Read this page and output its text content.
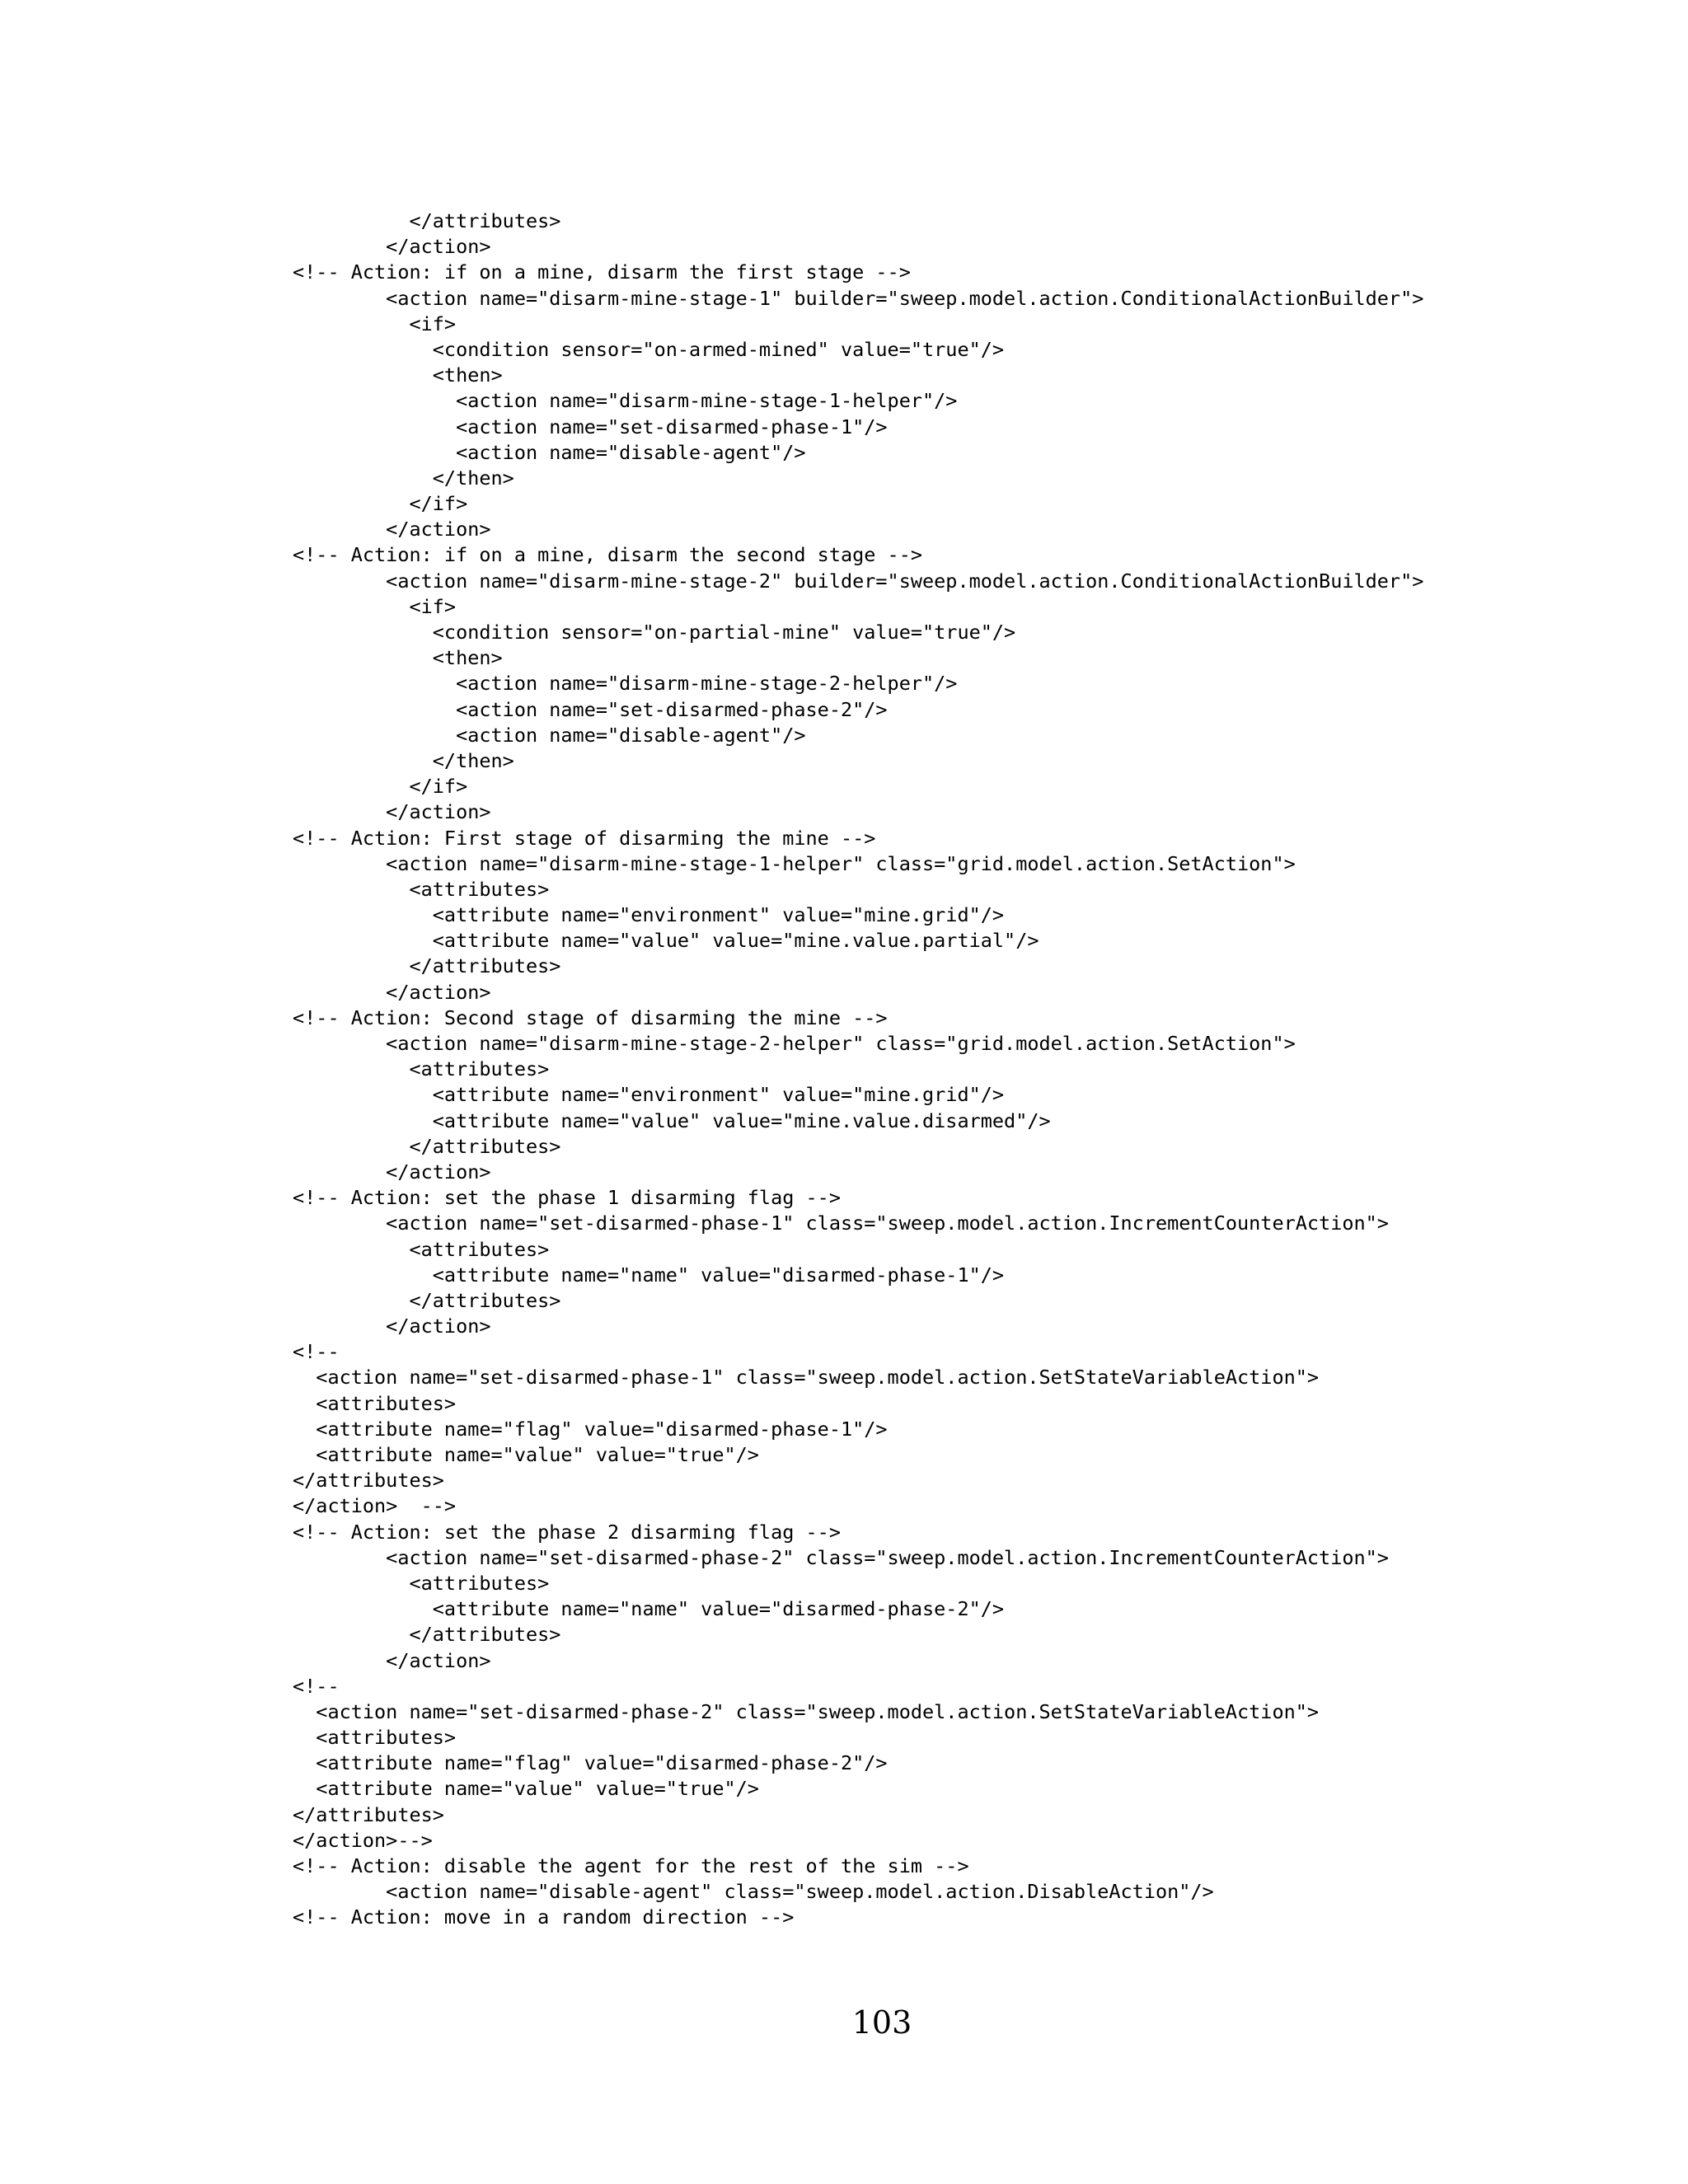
</attributes>
</action>
<!-- Action: if on a mine, disarm the first stage -->
<action name="disarm-mine-stage-1" builder="sweep.model.action.ConditionalActionBuilder">
<if>
<condition sensor="on-armed-mined" value="true"/>
<then>
<action name="disarm-mine-stage-1-helper"/>
<action name="set-disarmed-phase-1"/>
<action name="disable-agent"/>
</then>
</if>
</action>
<!-- Action: if on a mine, disarm the second stage -->
<action name="disarm-mine-stage-2" builder="sweep.model.action.ConditionalActionBuilder">
<if>
<condition sensor="on-partial-mine" value="true"/>
<then>
<action name="disarm-mine-stage-2-helper"/>
<action name="set-disarmed-phase-2"/>
<action name="disable-agent"/>
</then>
</if>
</action>
<!-- Action: First stage of disarming the mine -->
<action name="disarm-mine-stage-1-helper" class="grid.model.action.SetAction">
<attributes>
<attribute name="environment" value="mine.grid"/>
<attribute name="value" value="mine.value.partial"/>
</attributes>
</action>
<!-- Action: Second stage of disarming the mine -->
<action name="disarm-mine-stage-2-helper" class="grid.model.action.SetAction">
<attributes>
<attribute name="environment" value="mine.grid"/>
<attribute name="value" value="mine.value.disarmed"/>
</attributes>
</action>
<!-- Action: set the phase 1 disarming flag -->
<action name="set-disarmed-phase-1" class="sweep.model.action.IncrementCounterAction">
<attributes>
<attribute name="name" value="disarmed-phase-1"/>
</attributes>
</action>
<!--
<action name="set-disarmed-phase-1" class="sweep.model.action.SetStateVariableAction">
<attributes>
<attribute name="flag" value="disarmed-phase-1"/>
<attribute name="value" value="true"/>
</attributes>
</action>  -->
<!-- Action: set the phase 2 disarming flag -->
<action name="set-disarmed-phase-2" class="sweep.model.action.IncrementCounterAction">
<attributes>
<attribute name="name" value="disarmed-phase-2"/>
</attributes>
</action>
<!--
<action name="set-disarmed-phase-2" class="sweep.model.action.SetStateVariableAction">
<attributes>
<attribute name="flag" value="disarmed-phase-2"/>
<attribute name="value" value="true"/>
</attributes>
</action>-->
<!-- Action: disable the agent for the rest of the sim -->
<action name="disable-agent" class="sweep.model.action.DisableAction"/>
<!-- Action: move in a random direction -->
103
